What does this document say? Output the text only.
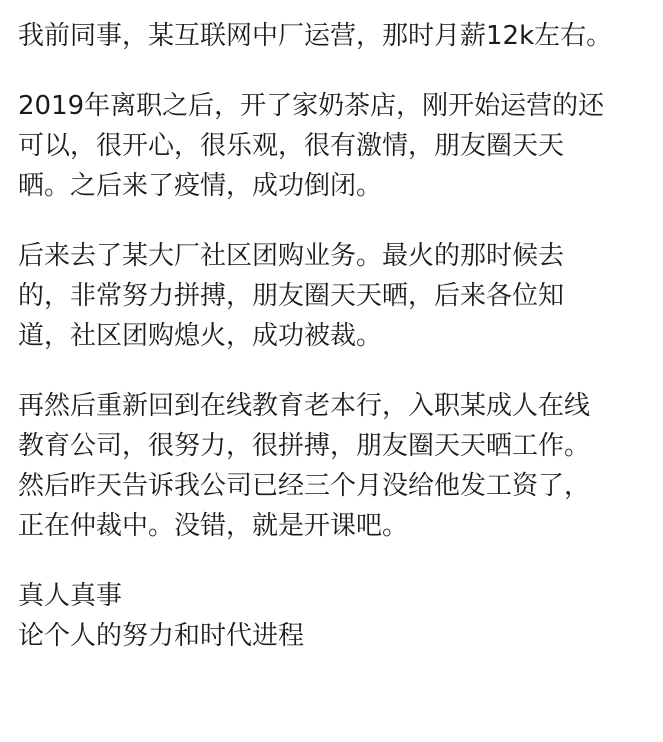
我前同事，某互联网中厂运营，那时月薪12k左右。
2019年离职之后，开了家奶茶店，刚开始运营的还
可以，很开心，很乐观，很有激情，朋友圈天天
晒。之后来了疫情，成功倒闭。
后来去了某大厂社区团购业务。最火的那时候去
的，非常努力拼搏，朋友圈天天晒，后来各位知
道，社区团购熄火，成功被裁。
再然后重新回到在线教育老本行，入职某成人在线
教育公司，很努力，很拼搏，朋友圈天天晒工作。
然后昨天告诉我公司已经三个月没给他发工资了，
正在仲裁中。没错，就是开课吧。
真人真事
论个人的努力和时代进程
